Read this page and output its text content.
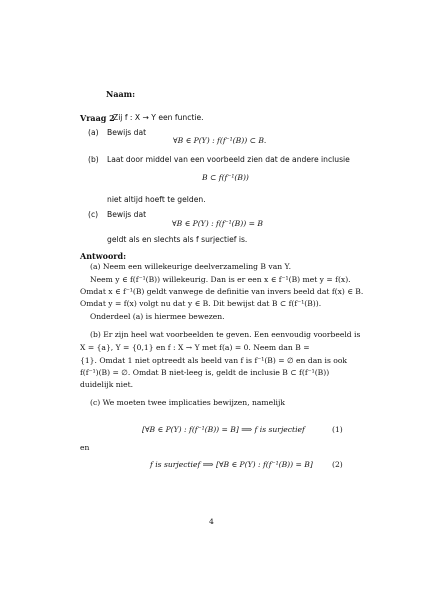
Naam:
Vraag 2
Zij f : X → Y een functie.
(a) Bewijs dat
∀B ∈ P(Y) : f(f⁻¹(B)) ⊂ B.
(b) Laat door middel van een voorbeeld zien dat de andere inclusie
B ⊂ f(f⁻¹(B))
niet altijd hoeft te gelden.
(c) Bewijs dat
∀B ∈ P(Y) : f(f⁻¹(B)) = B
geldt als en slechts als f surjectief is.
Antwoord:
(a) Neem een willekeurige deelverzameling B van Y.
Neem y ∈ f(f⁻¹(B)) willekeurig. Dan is er een x ∈ f⁻¹(B) met y = f(x).
Omdat x ∈ f⁻¹(B) geldt vanwege de definitie van invers beeld dat f(x) ∈ B.
Omdat y = f(x) volgt nu dat y ∈ B. Dit bewijst dat B ⊂ f(f⁻¹(B)).
Onderdeel (a) is hiermee bewezen.
(b) Er zijn heel wat voorbeelden te geven. Een eenvoudig voorbeeld is
X = {a}, Y = {0,1} en f : X → Y met f(a) = 0. Neem dan B =
{1}. Omdat 1 niet optreedt als beeld van f is f⁻¹(B) = ∅ en dan is ook
f(f⁻¹)(B) = ∅. Omdat B niet-leeg is, geldt de inclusie B ⊂ f(f⁻¹(B))
duidelijk niet.
(c) We moeten twee implicaties bewijzen, namelijk
[∀B ∈ P(Y) : f(f⁻¹(B)) = B] ⟹ f is surjectief	(1)
en
f is surjectief ⟹ [∀B ∈ P(Y) : f(f⁻¹(B)) = B]	(2)
4
